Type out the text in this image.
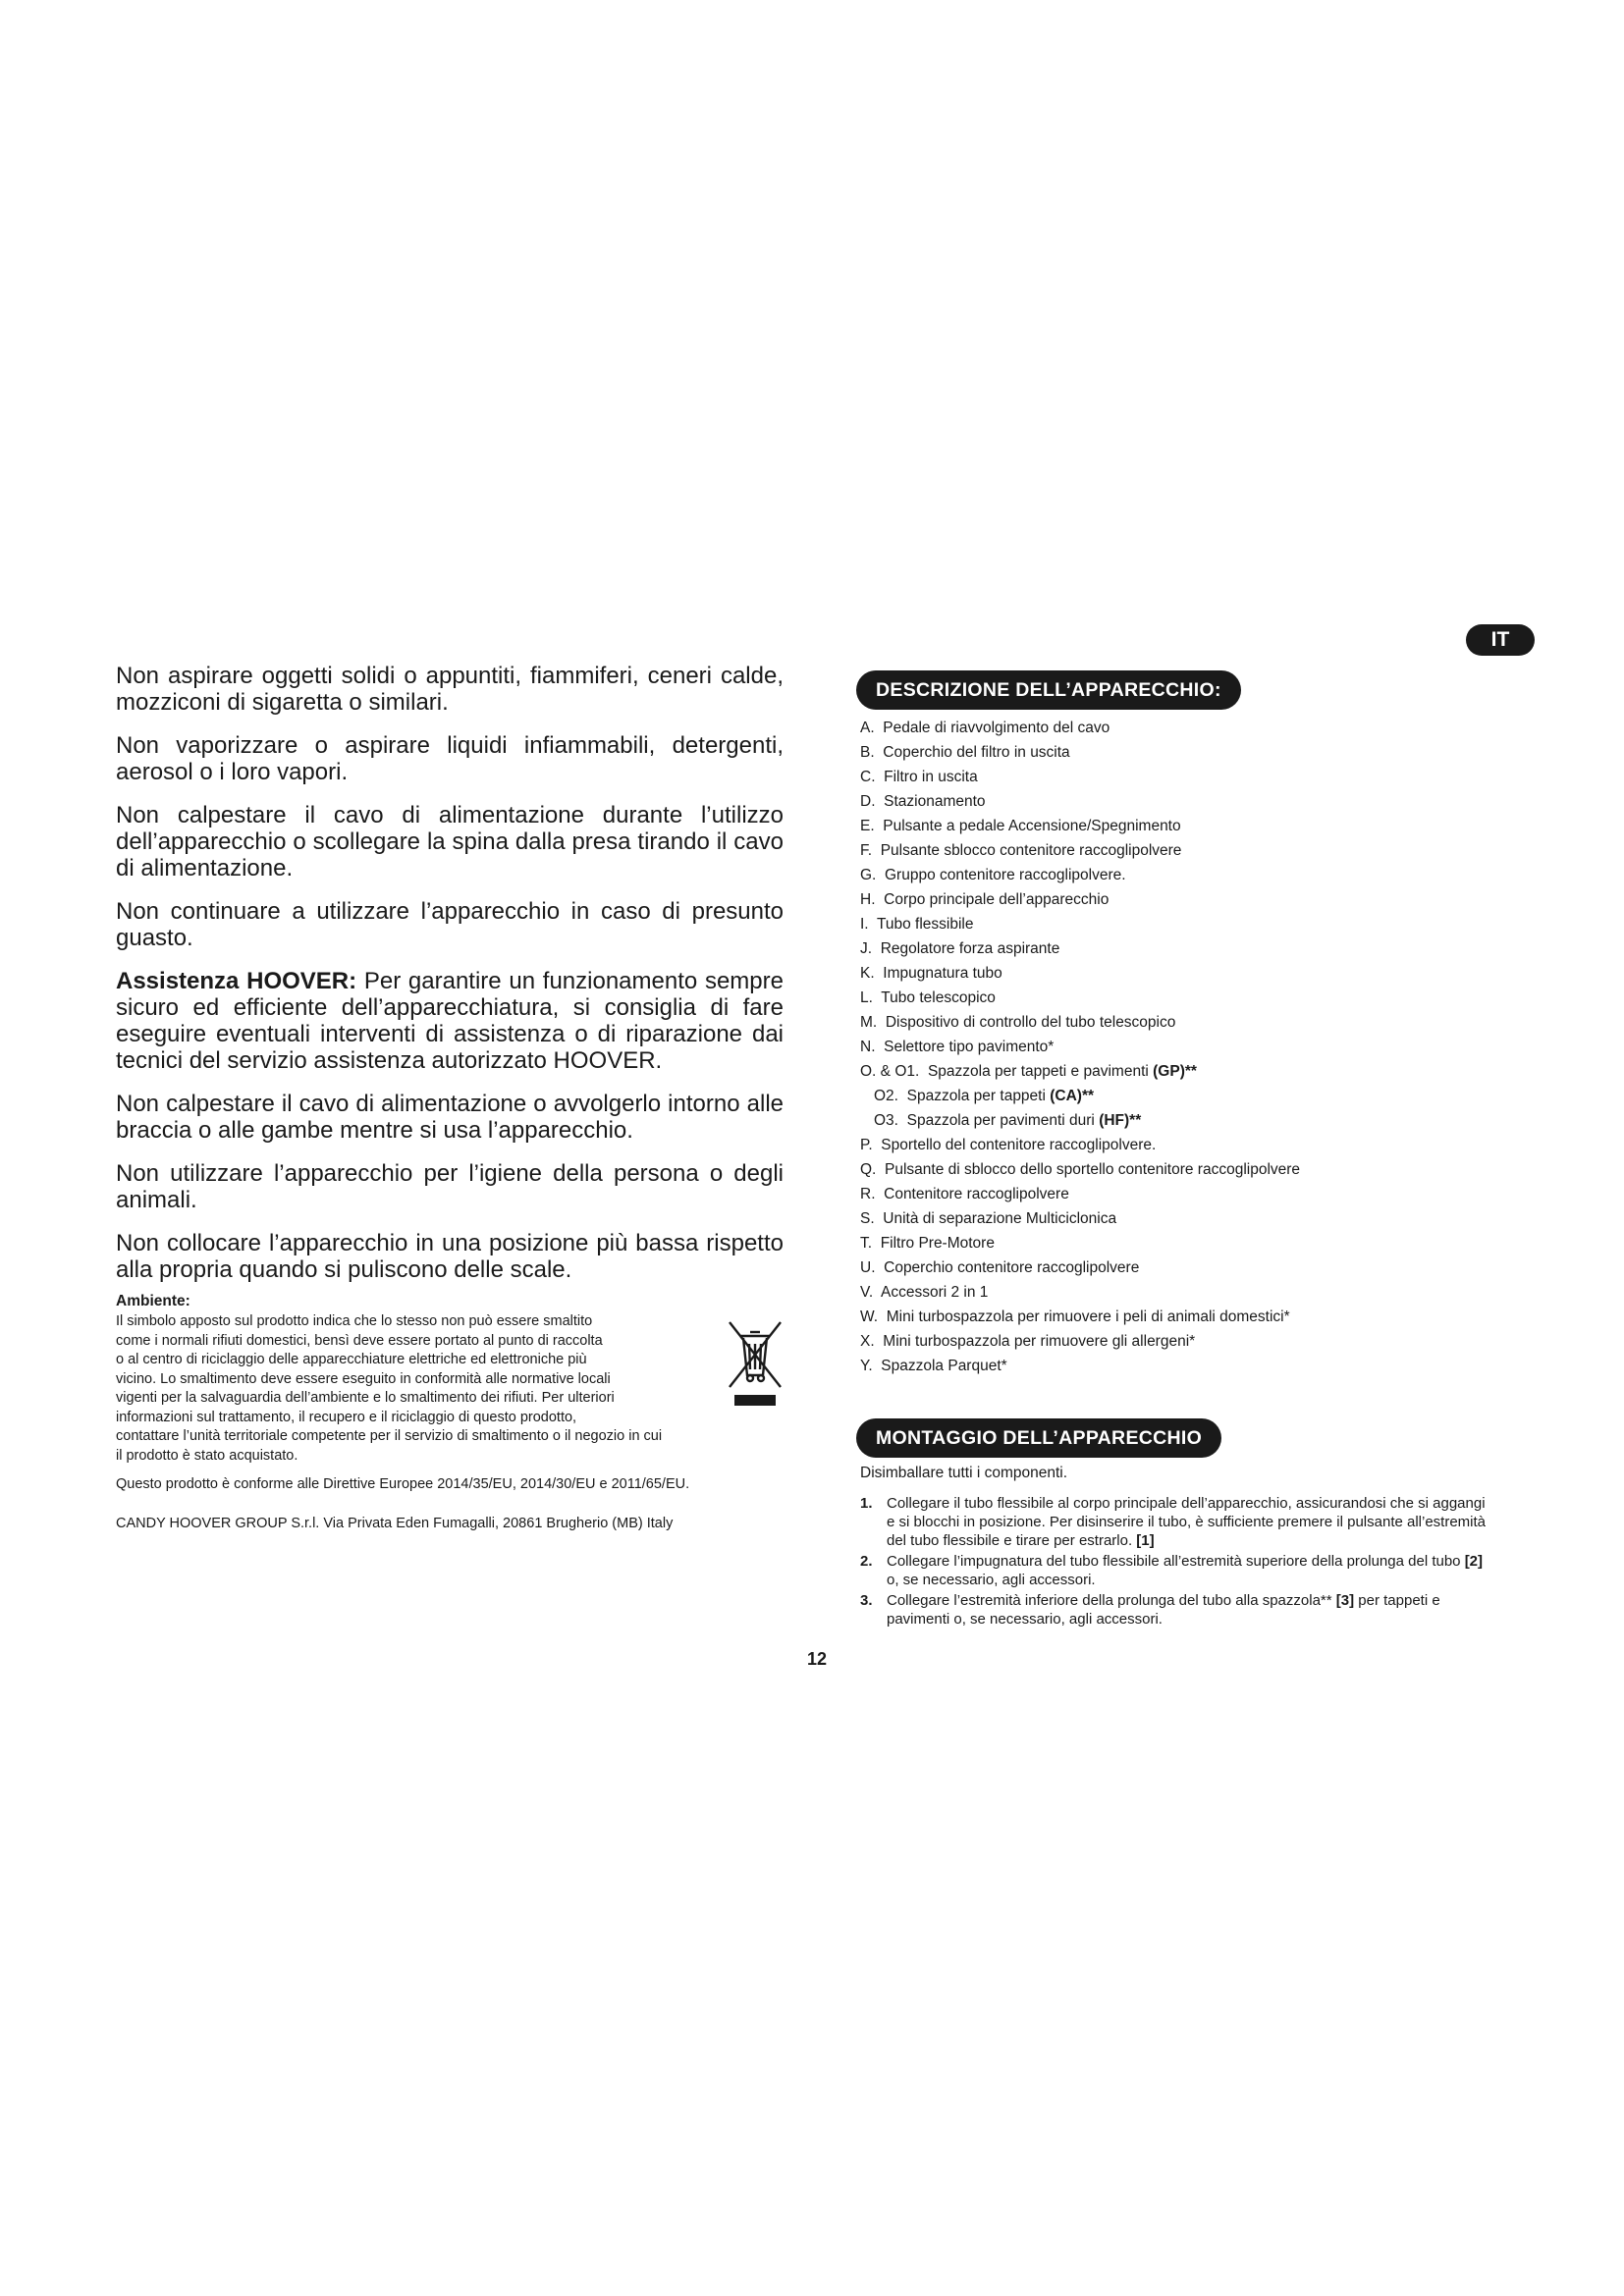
IT

Non aspirare oggetti solidi o appuntiti, fiammiferi, ceneri calde, mozziconi di sigaretta o similari.

Non vaporizzare o aspirare liquidi infiammabili, detergenti, aerosol o i loro vapori.

Non calpestare il cavo di alimentazione durante l’utilizzo dell’apparecchio o scollegare la spina dalla presa tirando il cavo di alimentazione.

Non continuare a utilizzare l’apparecchio in caso di presunto guasto.

Assistenza HOOVER: Per garantire un funzionamento sempre sicuro ed efficiente dell’apparecchiatura, si consiglia di fare eseguire eventuali interventi di assistenza o di riparazione dai tecnici del servizio assistenza autorizzato HOOVER.

Non calpestare il cavo di alimentazione o avvolgerlo intorno alle braccia o alle gambe mentre si usa l’apparecchio.

Non utilizzare l’apparecchio per l’igiene della persona o degli animali.

Non collocare l’apparecchio in una posizione più bassa rispetto alla propria quando si puliscono delle scale.

Ambiente:
Il simbolo apposto sul prodotto indica che lo stesso non può essere smaltito
come i normali rifiuti domestici, bensì deve essere portato al punto di raccolta
o al centro di riciclaggio delle apparecchiature elettriche ed elettroniche più
vicino. Lo smaltimento deve essere eseguito in conformità alle normative locali
vigenti per la salvaguardia dell’ambiente e lo smaltimento dei rifiuti. Per ulteriori
informazioni sul trattamento, il recupero e il riciclaggio di questo prodotto,
contattare l’unità territoriale competente per il servizio di smaltimento o il negozio in cui
il prodotto è stato acquistato.

Questo prodotto è conforme alle Direttive Europee 2014/35/EU, 2014/30/EU e 2011/65/EU.

CANDY HOOVER GROUP S.r.l. Via Privata Eden Fumagalli, 20861 Brugherio (MB) Italy

DESCRIZIONE DELL’APPARECCHIO:
A. Pedale di riavvolgimento del cavo
B. Coperchio del filtro in uscita
C. Filtro in uscita
D. Stazionamento
E. Pulsante a pedale Accensione/Spegnimento
F. Pulsante sblocco contenitore raccoglipolvere
G. Gruppo contenitore raccoglipolvere.
H. Corpo principale dell’apparecchio
I. Tubo flessibile
J. Regolatore forza aspirante
K. Impugnatura tubo
L. Tubo telescopico
M. Dispositivo di controllo del tubo telescopico
N. Selettore tipo pavimento*
O. & O1. Spazzola per tappeti e pavimenti (GP)**
O2. Spazzola per tappeti (CA)**
O3. Spazzola per pavimenti duri (HF)**
P. Sportello del contenitore raccoglipolvere.
Q. Pulsante di sblocco dello sportello contenitore raccoglipolvere
R. Contenitore raccoglipolvere
S. Unità di separazione Multiciclonica
T. Filtro Pre-Motore
U. Coperchio contenitore raccoglipolvere
V. Accessori 2 in 1
W. Mini turbospazzola per rimuovere i peli di animali domestici*
X. Mini turbospazzola per rimuovere gli allergeni*
Y. Spazzola Parquet*
MONTAGGIO DELL’APPARECCHIO
Disimballare tutti i componenti.
1. Collegare il tubo flessibile al corpo principale dell’apparecchio, assicurandosi che si aggangi
e si blocchi in posizione. Per disinserire il tubo, è sufficiente premere il pulsante all’estremità
del tubo flessibile e tirare per estrarlo. [1]
2. Collegare l’impugnatura del tubo flessibile all’estremità superiore della prolunga del tubo [2]
o, se necessario, agli accessori.
3. Collegare l’estremità inferiore della prolunga del tubo alla spazzola** [3] per tappeti e
pavimenti o, se necessario, agli accessori.
12
